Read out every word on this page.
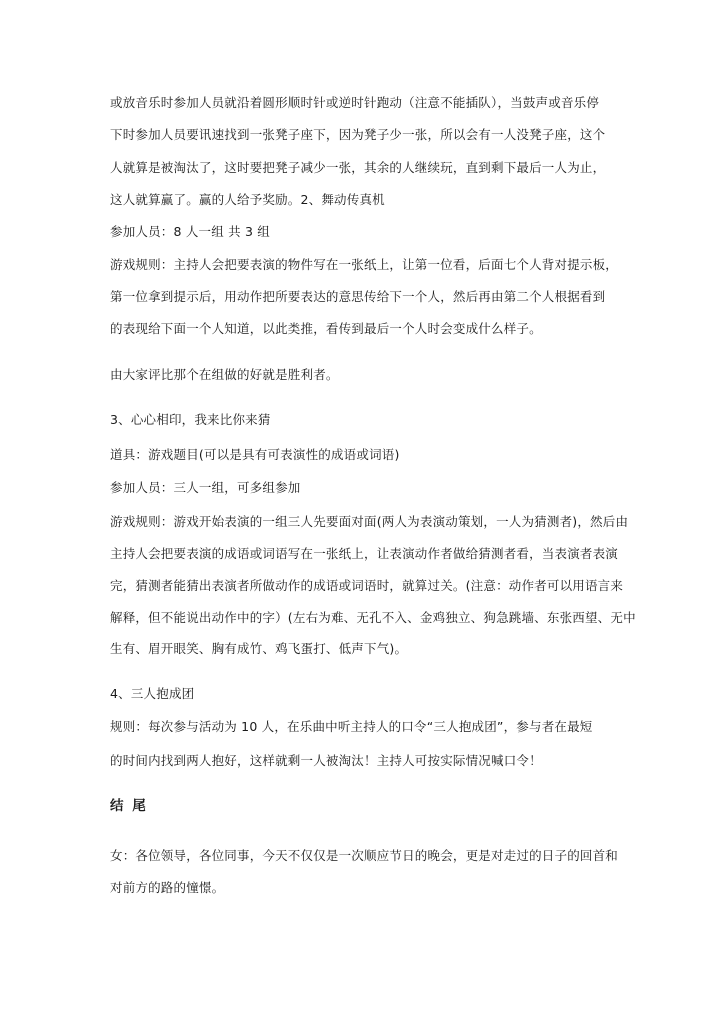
或放音乐时参加人员就沿着圆形顺时针或逆时针跑动（注意不能插队），当鼓声或音乐停
下时参加人员要讯速找到一张凳子座下，因为凳子少一张，所以会有一人没凳子座，这个
人就算是被淘汰了，这时要把凳子减少一张，其余的人继续玩，直到剩下最后一人为止，
这人就算赢了。赢的人给予奖励。2、舞动传真机
参加人员：8 人一组 共 3 组
游戏规则：主持人会把要表演的物件写在一张纸上，让第一位看，后面七个人背对提示板，
第一位拿到提示后，用动作把所要表达的意思传给下一个人，然后再由第二个人根据看到
的表现给下面一个人知道，以此类推，看传到最后一个人时会变成什么样子。
由大家评比那个在组做的好就是胜利者。
3、心心相印，我来比你来猜
道具：游戏题目(可以是具有可表演性的成语或词语)
参加人员：三人一组，可多组参加
游戏规则：游戏开始表演的一组三人先要面对面(两人为表演动策划，一人为猜测者)，然后由
主持人会把要表演的成语或词语写在一张纸上，让表演动作者做给猜测者看，当表演者表演
完，猜测者能猜出表演者所做动作的成语或词语时，就算过关。(注意：动作者可以用语言来
解释，但不能说出动作中的字）(左右为难、无孔不入、金鸡独立、狗急跳墙、东张西望、无中
生有、眉开眼笑、胸有成竹、鸡飞蛋打、低声下气)。
4、三人抱成团
规则：每次参与活动为 10 人，在乐曲中听主持人的口令“三人抱成团”，参与者在最短
的时间内找到两人抱好，这样就剩一人被淘汰！主持人可按实际情况喊口令！
结 尾
女：各位领导，各位同事，今天不仅仅是一次顺应节日的晚会，更是对走过的日子的回首和
对前方的路的憧憬。
